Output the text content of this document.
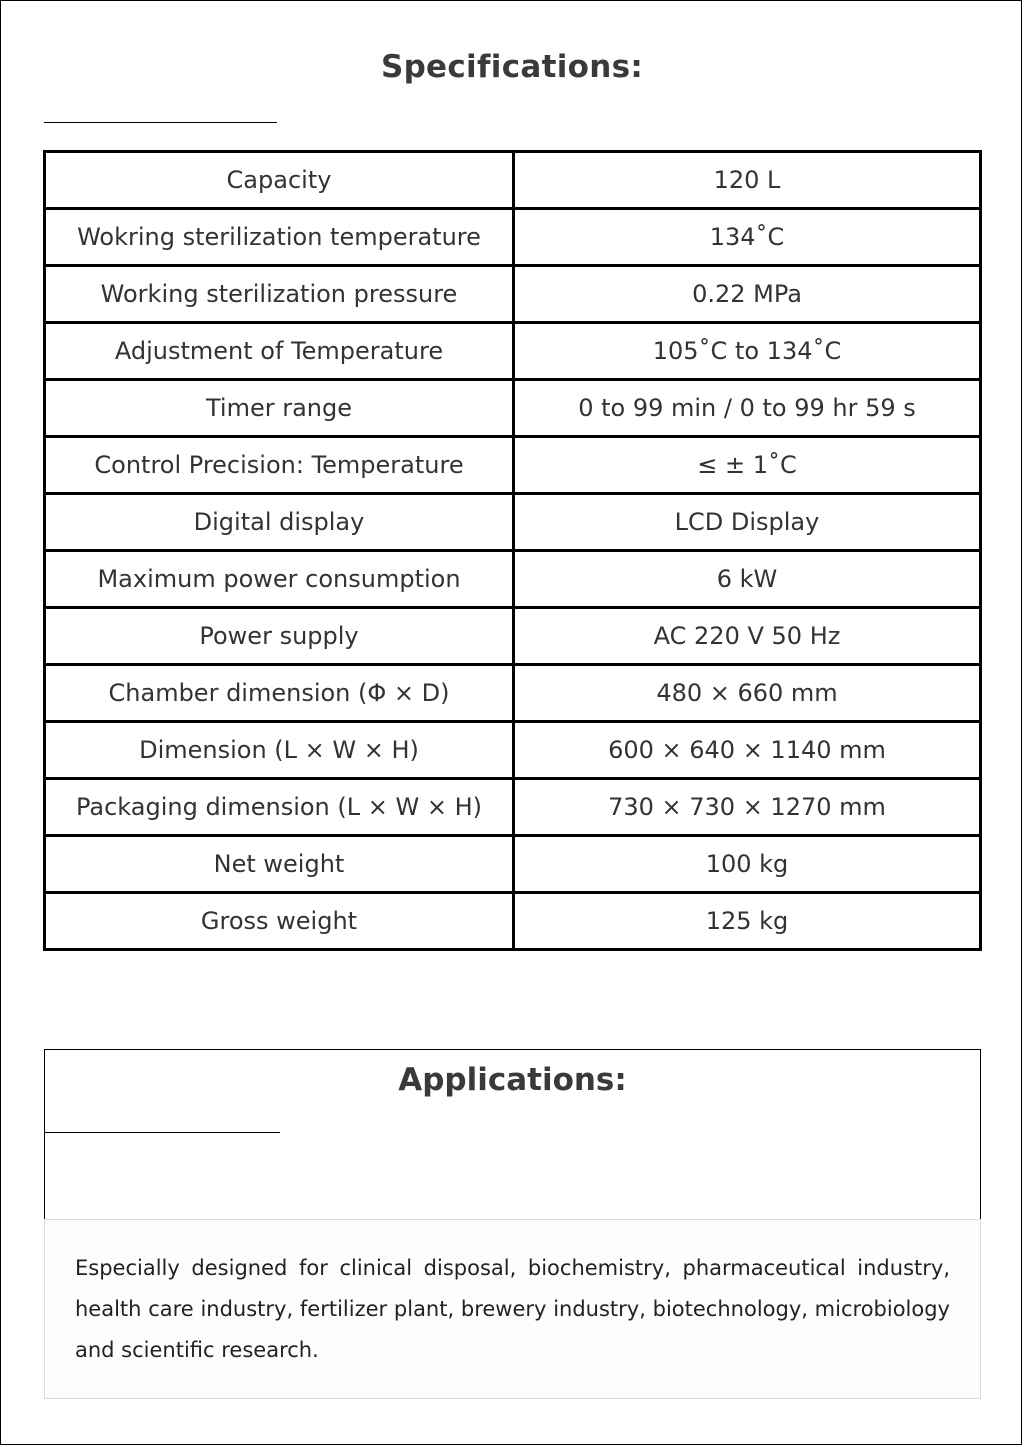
Specifications:
Capacity	120 L
Wokring sterilization temperature	134˚C
Working sterilization pressure	0.22 MPa
Adjustment of Temperature	105˚C to 134˚C
Timer range	0 to 99 min / 0 to 99 hr 59 s
Control Precision: Temperature	≤ ± 1˚C
Digital display	LCD Display
Maximum power consumption	6 kW
Power supply	AC 220 V 50 Hz
Chamber dimension (Φ × D)	480 × 660 mm
Dimension (L × W × H)	600 × 640 × 1140 mm
Packaging dimension (L × W × H)	730 × 730 × 1270 mm
Net weight	100 kg
Gross weight	125 kg
Applications:
Especially designed for clinical disposal, biochemistry, pharmaceutical industry, health care industry, fertilizer plant, brewery industry, biotechnology, microbiology and scientific research.
